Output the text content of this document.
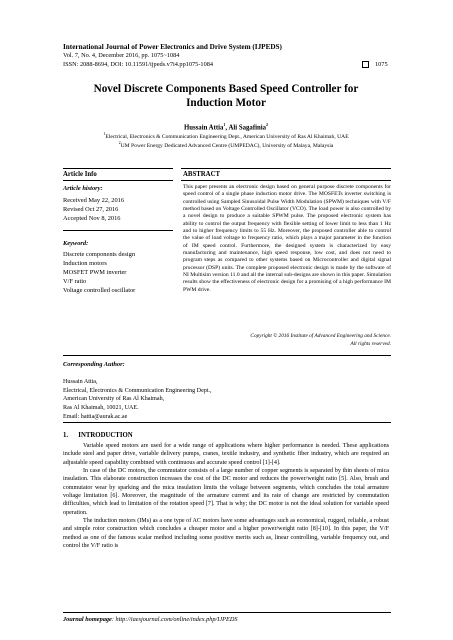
International Journal of Power Electronics and Drive System (IJPEDS)
Vol. 7, No. 4, December 2016, pp. 1075~1084
ISSN: 2088-8694, DOI: 10.11591/ijpeds.v7i4.pp1075-1084	1075
Novel Discrete Components Based Speed Controller for
Induction Motor
Hussain Attia$^1$, Ali Sagafinia$^2$
$^1$Electrical, Electronics & Communication Engineering Dept., American University of Ras Al Khaimah, UAE
$^2$UM Power Energy Dedicated Advanced Centre (UMPEDAC), University of Malaya, Malaysia
Article Info
Article history:
Received May 22, 2016
Revised Oct 27, 2016
Accepted Nov 8, 2016
Keyword:
Discrete components design
Induction motors
MOSFET PWM inverter
V/F ratio
Voltage controlled oscillator
ABSTRACT
This paper presents an electronic design based on general purpose discrete components for speed control of a single phase induction motor drive. The MOSFETs inverter switching is controlled using Sampled Sinusoidal Pulse Width Modulation (SPWM) techniques with V/F method based on Voltage Controlled Oscillator (VCO). The load power is also controlled by a novel design to produce a suitable SPWM pulse. The proposed electronic system has ability to control the output frequency with flexible setting of lower limit to less than 1 Hz and to higher frequency limits to 55 Hz. Moreover, the proposed controller able to control the value of load voltage to frequency ratio, which plays a major parameter in the function of IM speed control. Furthermore, the designed system is characterized by easy manufacturing and maintenance, high speed response, low cost, and does not need to program steps as compared to other systems based on Microcontroller and digital signal processor (DSP) units. The complete proposed electronic design is made by the software of NI Multisim version 11.0 and all the internal sub-designs are shown in this paper. Simulation results show the effectiveness of electronic design for a promising of a high performance IM PWM drive.
Copyright © 2016 Institute of Advanced Engineering and Science.
All rights reserved.
Corresponding Author:
Hussain Attia,
Electrical, Electronics & Communication Engineering Dept.,
American University of Ras Al Khaimah,
Ras Al Khaimah, 10021, UAE.
Email: hattia@aurak.ac.ae
1.      INTRODUCTION

Variable speed motors are used for a wide range of applications where higher performance is needed. These applications include steel and paper drive, variable delivery pumps, cranes, textile industry, and synthetic fiber industry, which are required an adjustable speed capability combined with continuous and accurate speed control [1]-[4].

In case of the DC motors, the commutator consists of a large number of copper segments is separated by thin sheets of mica insulation. This elaborate construction increases the cost of the DC motor and reduces the power/weight ratio [5]. Also, brush and commutator wear by sparking and the mica insulation limits the voltage between segments, which concludes the total armature voltage limitation [6]. Moreover, the magnitude of the armature current and its rate of change are restricted by commutation difficulties, which lead to limitation of the rotation speed [7]. That is why; the DC motor is not the ideal solution for variable speed operation.

The induction motors (IMs) as a one type of AC motors have some advantages such as economical, rugged, reliable, a robust and simple rotor construction which concludes a cheaper motor and a higher power/weight ratio [8]-[10]. In this paper, the V/F method as one of the famous scalar method including some positive merits such as, linear controlling, variable frequency out, and control the V/F ratio is

Journal homepage: http://iaesjournal.com/online/index.php/IJPEDS
